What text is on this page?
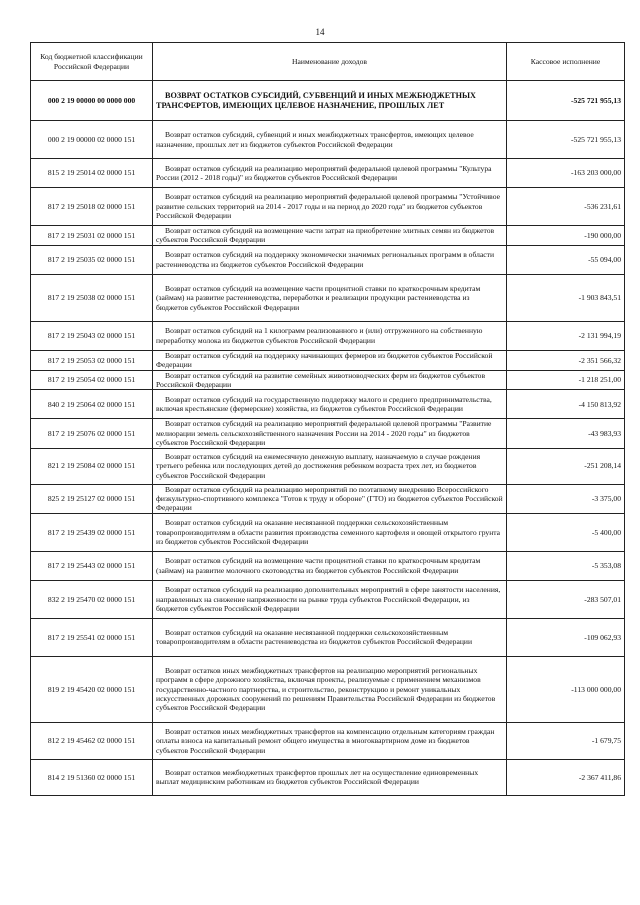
14
Код бюджетной классификации Российской Федерации	Наименование доходов	Кассовое исполнение
000 2 19 00000 00 0000 000	ВОЗВРАТ ОСТАТКОВ СУБСИДИЙ, СУБВЕНЦИЙ И ИНЫХ МЕЖБЮДЖЕТНЫХ ТРАНСФЕРТОВ, ИМЕЮЩИХ ЦЕЛЕВОЕ НАЗНАЧЕНИЕ, ПРОШЛЫХ ЛЕТ	-525 721 955,13
000 2 19 00000 02 0000 151	Возврат остатков субсидий, субвенций и иных межбюджетных трансфертов, имеющих целевое назначение, прошлых лет из бюджетов субъектов Российской Федерации	-525 721 955,13
815 2 19 25014 02 0000 151	Возврат остатков субсидий на реализацию мероприятий федеральной целевой программы "Культура России (2012 - 2018 годы)" из бюджетов субъектов Российской Федерации	-163 203 000,00
817 2 19 25018 02 0000 151	Возврат остатков субсидий на реализацию мероприятий федеральной целевой программы "Устойчивое развитие сельских территорий на 2014 - 2017 годы и на период до 2020 года" из бюджетов субъектов Российской Федерации	-536 231,61
817 2 19 25031 02 0000 151	Возврат остатков субсидий на возмещение части затрат на приобретение элитных семян из бюджетов субъектов Российской Федерации	-190 000,00
817 2 19 25035 02 0000 151	Возврат остатков субсидий на поддержку экономически значимых региональных программ в области растениеводства из бюджетов субъектов Российской Федерации	-55 094,00
817 2 19 25038 02 0000 151	Возврат остатков субсидий на возмещение части процентной ставки по краткосрочным кредитам (займам) на развитие растениеводства, переработки и реализации продукции растениеводства из бюджетов субъектов Российской Федерации	-1 903 843,51
817 2 19 25043 02 0000 151	Возврат остатков субсидий на 1 килограмм реализованного и (или) отгруженного на собственную переработку молока из бюджетов субъектов Российской Федерации	-2 131 994,19
817 2 19 25053 02 0000 151	Возврат остатков субсидий на поддержку начинающих фермеров из бюджетов субъектов Российской Федерации	-2 351 566,32
817 2 19 25054 02 0000 151	Возврат остатков субсидий на развитие семейных животноводческих ферм из бюджетов субъектов Российской Федерации	-1 218 251,00
840 2 19 25064 02 0000 151	Возврат остатков субсидий на государственную поддержку малого и среднего предпринимательства, включая крестьянские (фермерские) хозяйства, из бюджетов субъектов Российской Федерации	-4 150 813,92
817 2 19 25076 02 0000 151	Возврат остатков субсидий на реализацию мероприятий федеральной целевой программы "Развитие мелиорации земель сельскохозяйственного назначения России на 2014 - 2020 годы" из бюджетов субъектов Российской Федерации	-43 983,93
821 2 19 25084 02 0000 151	Возврат остатков субсидий на ежемесячную денежную выплату, назначаемую в случае рождения третьего ребенка или последующих детей до достижения ребенком возраста трех лет, из бюджетов субъектов Российской Федерации	-251 208,14
825 2 19 25127 02 0000 151	Возврат остатков субсидий на реализацию мероприятий по поэтапному внедрению Всероссийского физкультурно-спортивного комплекса "Готов к труду и обороне" (ГТО) из бюджетов субъектов Российской Федерации	-3 375,00
817 2 19 25439 02 0000 151	Возврат остатков субсидий на оказание несвязанной поддержки сельскохозяйственным товаропроизводителям в области развития производства семенного картофеля и овощей открытого грунта из бюджетов субъектов Российской Федерации	-5 400,00
817 2 19 25443 02 0000 151	Возврат остатков субсидий на возмещение части процентной ставки по краткосрочным кредитам (займам) на развитие молочного скотоводства из бюджетов субъектов Российской Федерации	-5 353,08
832 2 19 25470 02 0000 151	Возврат остатков субсидий на реализацию дополнительных мероприятий в сфере занятости населения, направленных на снижение напряженности на рынке труда субъектов Российской Федерации, из бюджетов субъектов Российской Федерации	-283 507,01
817 2 19 25541 02 0000 151	Возврат остатков субсидий на оказание несвязанной поддержки сельскохозяйственным товаропроизводителям в области растениеводства из бюджетов субъектов Российской Федерации	-109 062,93
819 2 19 45420 02 0000 151	Возврат остатков иных межбюджетных трансфертов на реализацию мероприятий региональных программ в сфере дорожного хозяйства, включая проекты, реализуемые с применением механизмов государственно-частного партнерства, и строительство, реконструкцию и ремонт уникальных искусственных дорожных сооружений по решениям Правительства Российской Федерации из бюджетов субъектов Российской Федерации	-113 000 000,00
812 2 19 45462 02 0000 151	Возврат остатков иных межбюджетных трансфертов на компенсацию отдельным категориям граждан оплаты взноса на капитальный ремонт общего имущества в многоквартирном доме из бюджетов субъектов Российской Федерации	-1 679,75
814 2 19 51360 02 0000 151	Возврат остатков межбюджетных трансфертов прошлых лет на осуществление единовременных выплат медицинским работникам из бюджетов субъектов Российской Федерации	-2 367 411,86
